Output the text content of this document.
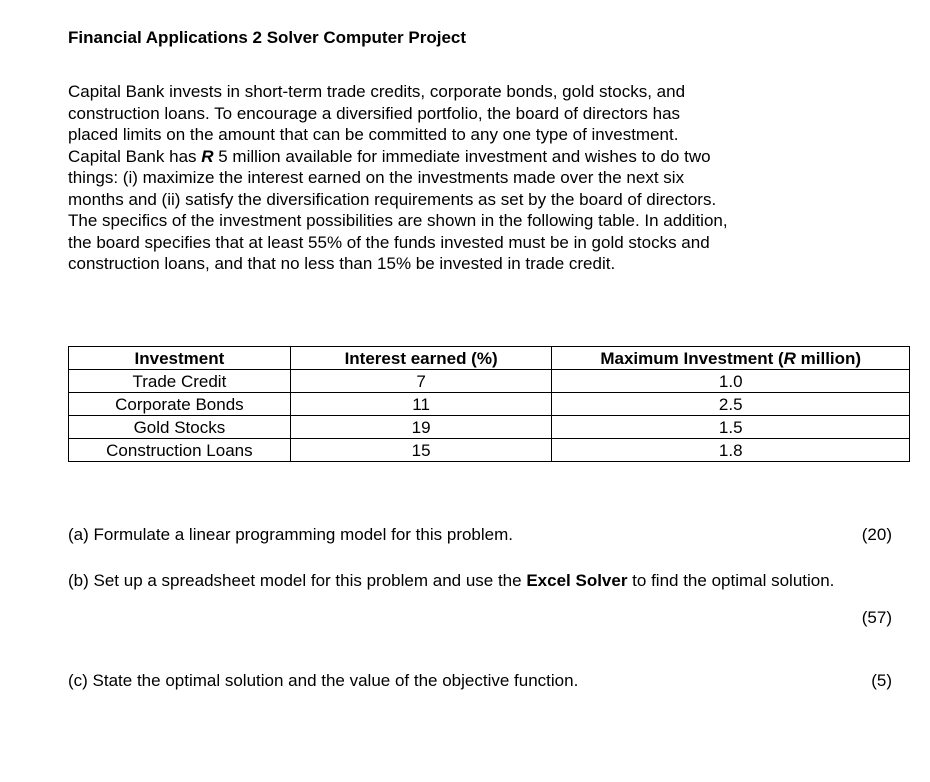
Financial Applications 2 Solver Computer Project

Capital Bank invests in short-term trade credits, corporate bonds, gold stocks, and
construction loans. To encourage a diversified portfolio, the board of directors has
placed limits on the amount that can be committed to any one type of investment.
Capital Bank has R 5 million available for immediate investment and wishes to do two
things: (i) maximize the interest earned on the investments made over the next six
months and (ii) satisfy the diversification requirements as set by the board of directors.
The specifics of the investment possibilities are shown in the following table. In addition,
the board specifies that at least 55% of the funds invested must be in gold stocks and
construction loans, and that no less than 15% be invested in trade credit.

Investment	Interest earned (%)	Maximum Investment (R million)
Trade Credit	7	1.0
Corporate Bonds	11	2.5
Gold Stocks	19	1.5
Construction Loans	15	1.8
(a) Formulate a linear programming model for this problem.	(20)
(b) Set up a spreadsheet model for this problem and use the Excel Solver to find the optimal solution.
(57)
(c) State the optimal solution and the value of the objective function.	(5)
